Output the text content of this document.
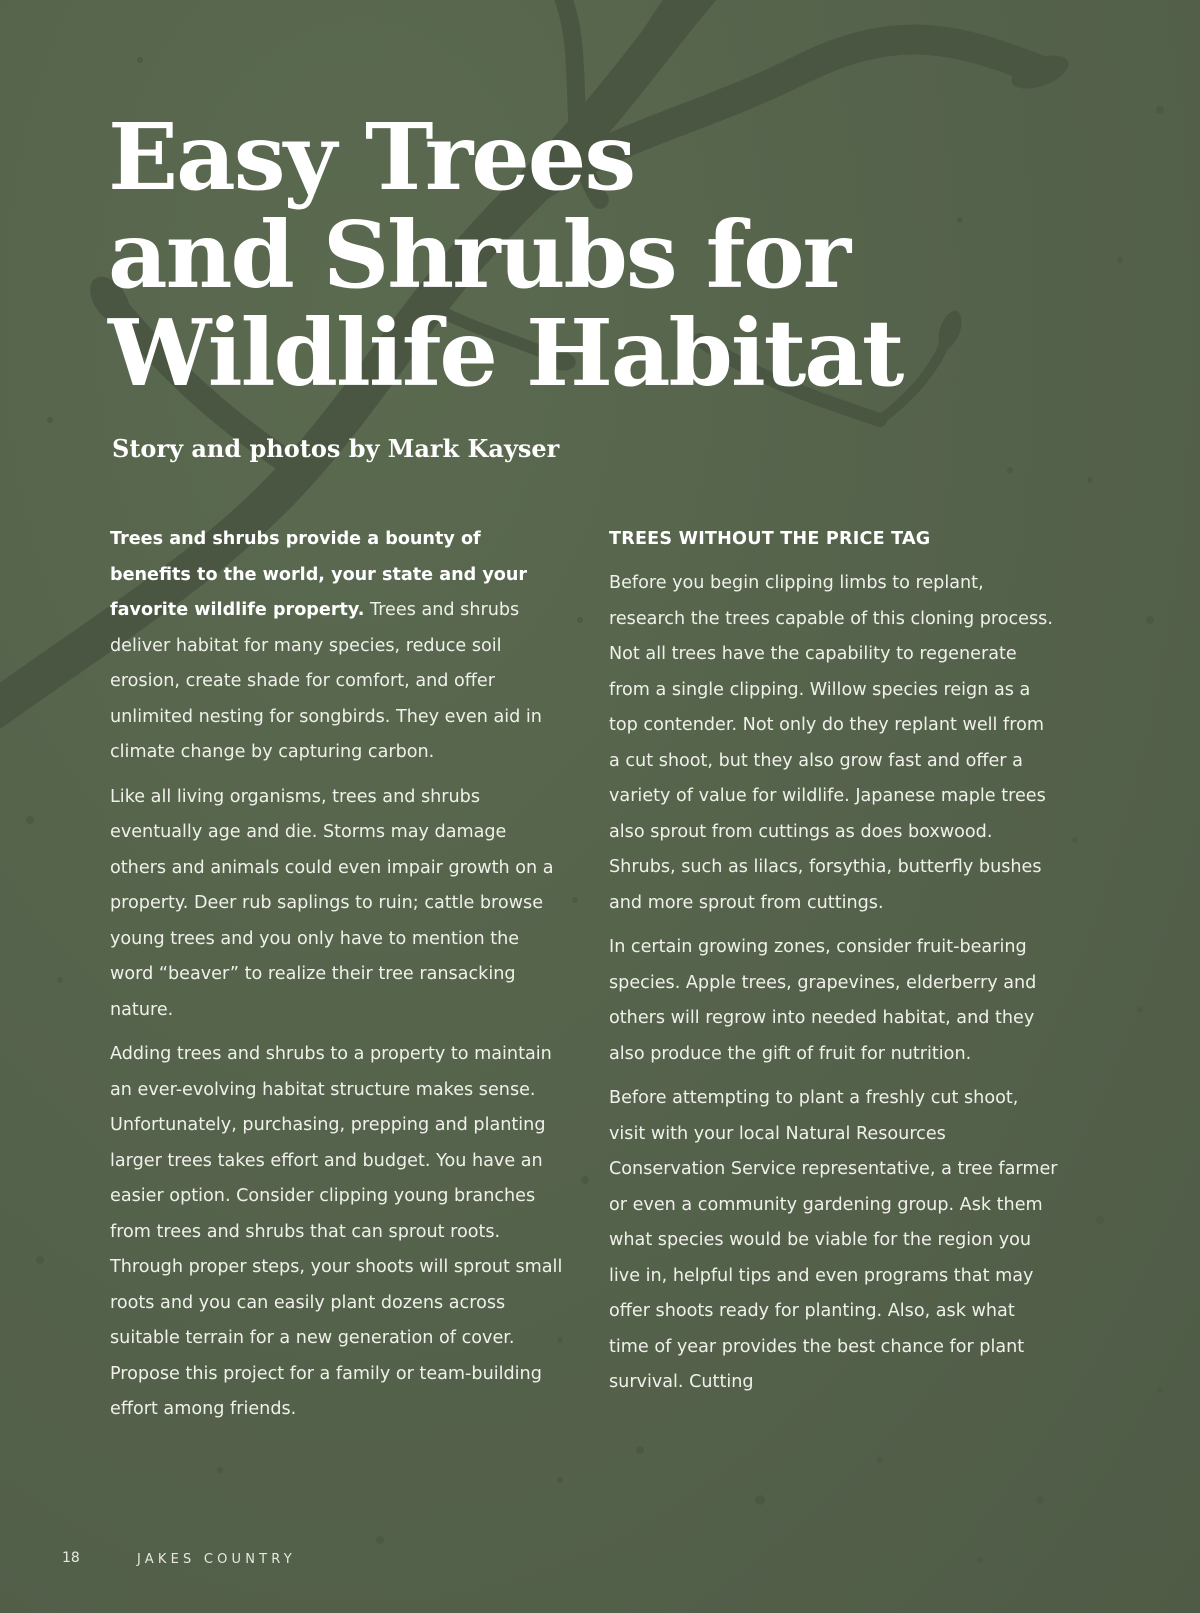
Easy Trees
and Shrubs for
Wildlife Habitat

Story and photos by Mark Kayser

Trees and shrubs provide a bounty of benefits to the world, your state and your favorite wildlife property. Trees and shrubs deliver habitat for many species, reduce soil erosion, create shade for comfort, and offer unlimited nesting for songbirds. They even aid in climate change by capturing carbon.

Like all living organisms, trees and shrubs eventually age and die. Storms may damage others and animals could even impair growth on a property. Deer rub saplings to ruin; cattle browse young trees and you only have to mention the word “beaver” to realize their tree ransacking nature.

Adding trees and shrubs to a property to maintain an ever-evolving habitat structure makes sense. Unfortunately, purchasing, prepping and planting larger trees takes effort and budget. You have an easier option. Consider clipping young branches from trees and shrubs that can sprout roots. Through proper steps, your shoots will sprout small roots and you can easily plant dozens across suitable terrain for a new generation of cover. Propose this project for a family or team-building effort among friends.

TREES WITHOUT THE PRICE TAG

Before you begin clipping limbs to replant, research the trees capable of this cloning process. Not all trees have the capability to regenerate from a single clipping. Willow species reign as a top contender. Not only do they replant well from a cut shoot, but they also grow fast and offer a variety of value for wildlife. Japanese maple trees also sprout from cuttings as does boxwood. Shrubs, such as lilacs, forsythia, butterfly bushes and more sprout from cuttings.

In certain growing zones, consider fruit-bearing species. Apple trees, grapevines, elderberry and others will regrow into needed habitat, and they also produce the gift of fruit for nutrition.

Before attempting to plant a freshly cut shoot, visit with your local Natural Resources Conservation Service representative, a tree farmer or even a community gardening group. Ask them what species would be viable for the region you live in, helpful tips and even programs that may offer shoots ready for planting. Also, ask what time of year provides the best chance for plant survival. Cutting

18	JAKES COUNTRY
